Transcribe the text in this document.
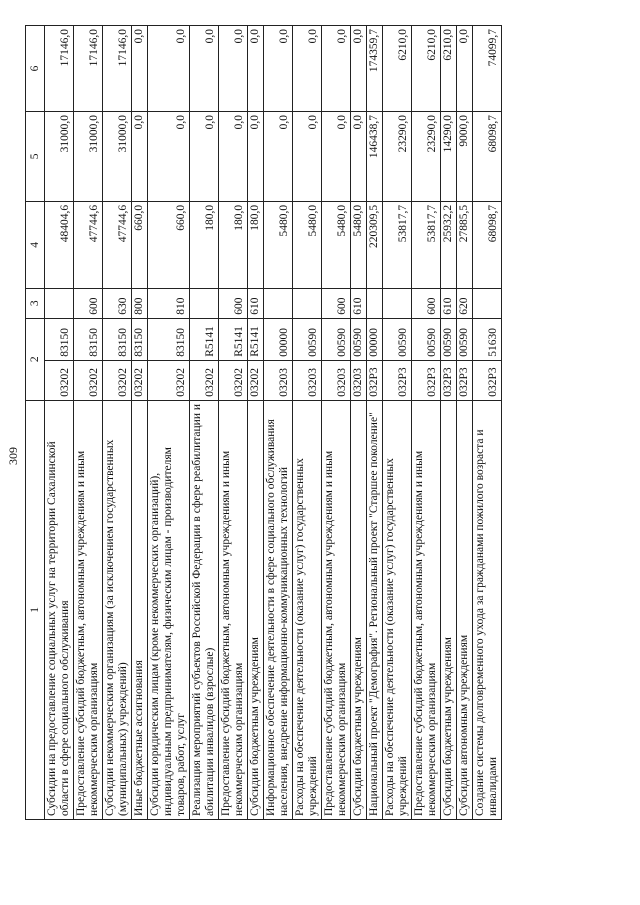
309
1	2		3	4	5	6
Субсидии на предоставление социальных услуг на территории Сахалинской области в сфере социального обслуживания	03202	83150		48404,6	31000,0	17146,0
Предоставление субсидий бюджетным, автономным учреждениям и иным некоммерческим организациям	03202	83150	600	47744,6	31000,0	17146,0
Субсидии некоммерческим организациям (за исключением государственных (муниципальных) учреждений)	03202	83150	630	47744,6	31000,0	17146,0
Иные бюджетные ассигнования	03202	83150	800	660,0	0,0	0,0
Субсидии юридическим лицам (кроме некоммерческих организаций), индивидуальным предпринимателям, физическим лицам - производителям товаров, работ, услуг	03202	83150	810	660,0	0,0	0,0
Реализация мероприятий субъектов Российской Федерации в сфере реабилитации и абилитации инвалидов (взрослые)	03202	R5141		180,0	0,0	0,0
Предоставление субсидий бюджетным, автономным учреждениям и иным некоммерческим организациям	03202	R5141	600	180,0	0,0	0,0
Субсидии бюджетным учреждениям	03202	R5141	610	180,0	0,0	0,0
Информационное обеспечение деятельности в сфере социального обслуживания населения, внедрение информационно-коммуникационных технологий	03203	00000		5480,0	0,0	0,0
Расходы на обеспечение деятельности (оказание услуг) государственных учреждений	03203	00590		5480,0	0,0	0,0
Предоставление субсидий бюджетным, автономным учреждениям и иным некоммерческим организациям	03203	00590	600	5480,0	0,0	0,0
Субсидии бюджетным учреждениям	03203	00590	610	5480,0	0,0	0,0
Национальный проект "Демография". Региональный проект "Старшее поколение"	032P3	00000		220309,5	146438,7	174359,7
Расходы на обеспечение деятельности (оказание услуг) государственных учреждений	032P3	00590		53817,7	23290,0	6210,0
Предоставление субсидий бюджетным, автономным учреждениям и иным некоммерческим организациям	032P3	00590	600	53817,7	23290,0	6210,0
Субсидии бюджетным учреждениям	032P3	00590	610	25932,2	14290,0	6210,0
Субсидии автономным учреждениям	032P3	00590	620	27885,5	9000,0	0,0
Создание системы долговременного ухода за гражданами пожилого возраста и инвалидами	032P3	51630		68098,7	68098,7	74099,7
